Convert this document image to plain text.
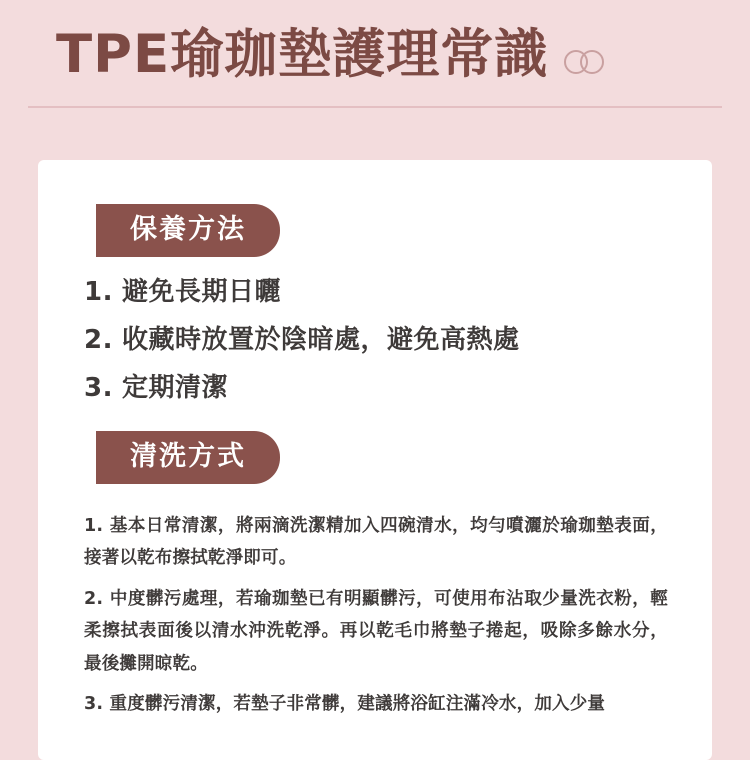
TPE瑜珈墊護理常識
保養方法
1. 避免長期日曬
2. 收藏時放置於陰暗處，避免高熱處
3. 定期清潔
清洗方式

1. 基本日常清潔，將兩滴洗潔精加入四碗清水，均勻噴灑於瑜珈墊表面，接著以乾布擦拭乾淨即可。

2. 中度髒污處理，若瑜珈墊已有明顯髒污，可使用布沾取少量洗衣粉，輕柔擦拭表面後以清水沖洗乾淨。再以乾毛巾將墊子捲起，吸除多餘水分，最後攤開晾乾。

3. 重度髒污清潔，若墊子非常髒，建議將浴缸注滿冷水，加入少量
